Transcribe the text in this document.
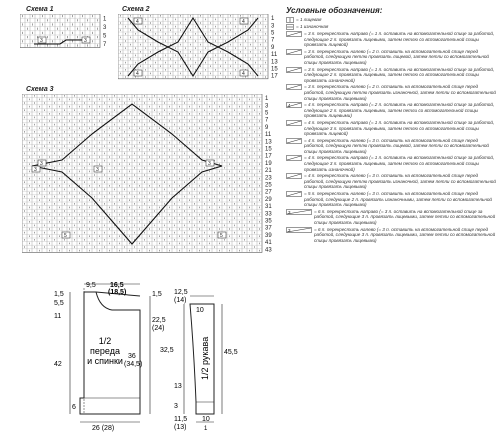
Схема 1
3	3
7
5
3
1
Схема 2
4	4
4	4
17
15
13
11
9
7
5
3
1
Схема 3
3
3
3
3
5	5
43
41
39
37
35
33
31
29
27
25
23
21
19
17
15
13
11
9
7
5
3
1
Условные обозначения:
= 1 лицевая
= 1 изнаночная
= 3 п. перекрестить направо (= 1 п. оставить на вспомогательной спице за работой, следующие 2 п. провязать лицевыми, затем петлю со вспомогательной спицы провязать лицевой)
= 3 п. перекрестить налево (= 2 п. оставить на вспомогательной спице перед работой, следующую петлю провязать лицевой, затем петли со вспомогательной спицы провязать лицевыми)
= 3 п. перекрестить направо (= 1 п. оставить на вспомогательной спице за работой, следующие 2 п. провязать лицевыми, затем петлю со вспомогательной спицы провязать изнаночной)
= 3 п. перекрестить налево (= 2 п. оставить на вспомогательной спице перед работой, следующую петлю провязать изнаночной, затем петли со вспомогательной спицы провязать лицевыми)
4	= 4 п. перекрестить направо (= 2 п. оставить на вспомогательной спице за работой, следующие 2 п. провязать лицевыми, затем петли со вспомогательной спицы провязать лицевыми)
= 4 п. перекрестить направо (= 1 п. оставить на вспомогательной спице за работой, следующие 3 п. провязать лицевыми, затем петлю со вспомогательной спицы провязать лицевой)
= 4 п. перекрестить налево (= 3 п. оставить на вспомогательной спице перед работой, следующую петлю провязать лицевой, затем петли со вспомогательной спицы провязать лицевыми)
= 4 п. перекрестить направо (= 1 п. оставить на вспомогательной спице за работой, следующие 3 п. провязать лицевыми, затем петлю со вспомогательной спицы провязать изнаночной)
= 4 п. перекрестить налево (= 3 п. оставить на вспомогательной спице перед работой, следующую петлю провязать изнаночной, затем петли со вспомогательной спицы провязать лицевыми)
= 5 п. перекрестить налево (= 3 п. оставить на вспомогательной спице перед работой, следующие 2 п. провязать изнаночными, затем петли со вспомогательной спицы провязать лицевыми)
3	= 6 п. перекрестить направо (= 3 п. оставить на вспомогательной спице за работой, следующие 3 п. провязать лицевыми, затем петли со вспомогательной спицы провязать лицевыми)
3	= 6 п. перекрестить налево (= 3 п. оставить на вспомогательной спице перед работой, следующие 3 п. провязать лицевыми, затем петли со вспомогательной спицы провязать лицевыми)
9,5 16,5
(18,5)
1,5
5,5
11
1,5
22,5
(24)
42
36
(34,5)
6
26 (28)
1/2
переда
и спинки
12,5
(14)
10
32,5	45,5
13
3
11,5
(13)
10
1
1/2 рукава
